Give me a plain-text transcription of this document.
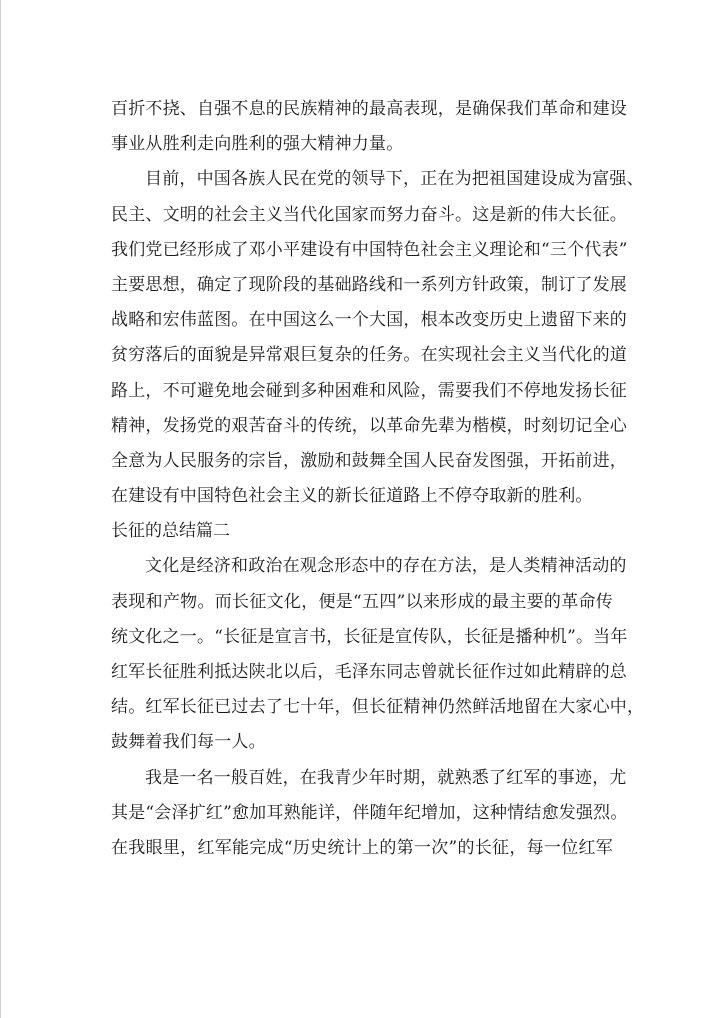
百折不挠、自强不息的民族精神的最高表现，是确保我们革命和建设
事业从胜利走向胜利的强大精神力量。
目前，中国各族人民在党的领导下，正在为把祖国建设成为富强、
民主、文明的社会主义当代化国家而努力奋斗。这是新的伟大长征。
我们党已经形成了邓小平建设有中国特色社会主义理论和“三个代表”
主要思想，确定了现阶段的基础路线和一系列方针政策，制订了发展
战略和宏伟蓝图。在中国这么一个大国，根本改变历史上遗留下来的
贫穷落后的面貌是异常艰巨复杂的任务。在实现社会主义当代化的道
路上，不可避免地会碰到多种困难和风险，需要我们不停地发扬长征
精神，发扬党的艰苦奋斗的传统，以革命先辈为楷模，时刻切记全心
全意为人民服务的宗旨，激励和鼓舞全国人民奋发图强，开拓前进，
在建设有中国特色社会主义的新长征道路上不停夺取新的胜利。
长征的总结篇二
文化是经济和政治在观念形态中的存在方法，是人类精神活动的
表现和产物。而长征文化，便是“五四”以来形成的最主要的革命传
统文化之一。“长征是宣言书，长征是宣传队，长征是播种机”。当年
红军长征胜利抵达陕北以后，毛泽东同志曾就长征作过如此精辟的总
结。红军长征已过去了七十年，但长征精神仍然鲜活地留在大家心中，
鼓舞着我们每一人。
我是一名一般百姓，在我青少年时期，就熟悉了红军的事迹，尤
其是“会泽扩红”愈加耳熟能详，伴随年纪增加，这种情结愈发强烈。
在我眼里，红军能完成“历史统计上的第一次”的长征，每一位红军
